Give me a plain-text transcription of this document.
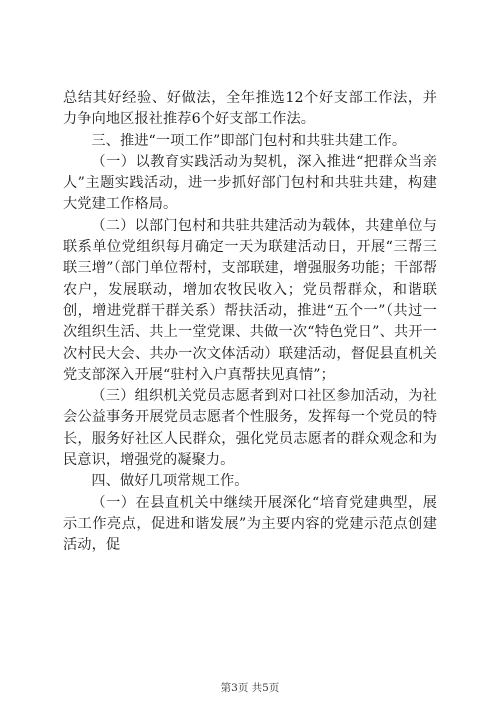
总结其好经验、好做法，全年推选12个好支部工作法，并力争向地区报社推荐6个好支部工作法。

三、推进“一项工作”即部门包村和共驻共建工作。

（一）以教育实践活动为契机，深入推进“把群众当亲人”主题实践活动，进一步抓好部门包村和共驻共建，构建大党建工作格局。

（二）以部门包村和共驻共建活动为载体，共建单位与联系单位党组织每月确定一天为联建活动日，开展“三帮三联三增”（部门单位帮村，支部联建，增强服务功能；干部帮农户，发展联动，增加农牧民收入；党员帮群众，和谐联创，增进党群干群关系）帮扶活动，推进“五个一”（共过一次组织生活、共上一堂党课、共做一次“特色党日”、共开一次村民大会、共办一次文体活动）联建活动，督促县直机关党支部深入开展“驻村入户真帮扶见真情”；

（三）组织机关党员志愿者到对口社区参加活动，为社会公益事务开展党员志愿者个性服务，发挥每一个党员的特长，服务好社区人民群众，强化党员志愿者的群众观念和为民意识，增强党的凝聚力。

四、做好几项常规工作。

（一）在县直机关中继续开展深化“培育党建典型，展示工作亮点，促进和谐发展”为主要内容的党建示范点创建活动，促

第3页 共5页
